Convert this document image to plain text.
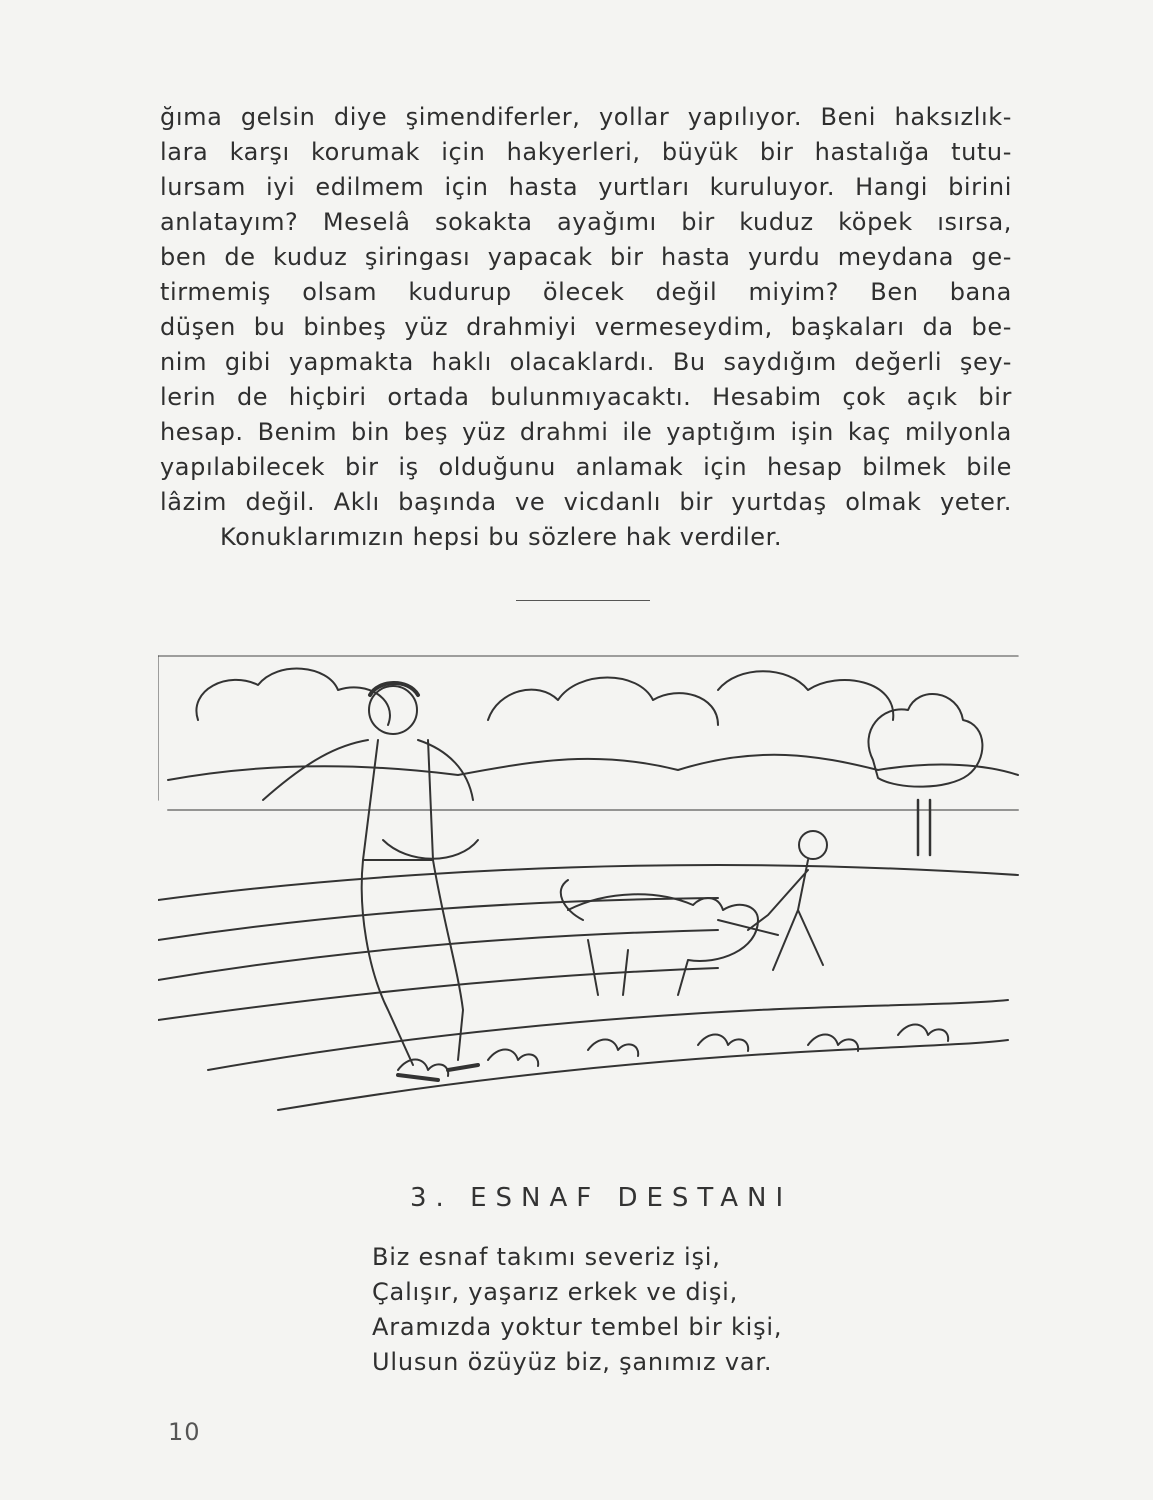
ğıma gelsin diye şimendiferler, yollar yapılıyor. Beni haksızlık-
lara karşı korumak için hakyerleri, büyük bir hastalığa tutu-
lursam iyi edilmem için hasta yurtları kuruluyor. Hangi birini
anlatayım? Meselâ sokakta ayağımı bir kuduz köpek ısırsa,
ben de kuduz şiringası yapacak bir hasta yurdu meydana ge-
tirmemiş olsam kudurup ölecek değil miyim? Ben bana
düşen bu binbeş yüz drahmiyi vermeseydim, başkaları da be-
nim gibi yapmakta haklı olacaklardı. Bu saydığım değerli şey-
lerin de hiçbiri ortada bulunmıyacaktı. Hesabim çok açık bir
hesap. Benim bin beş yüz drahmi ile yaptığım işin kaç milyonla
yapılabilecek bir iş olduğunu anlamak için hesap bilmek bile
lâzim değil. Aklı başında ve vicdanlı bir yurtdaş olmak yeter.
Konuklarımızın hepsi bu sözlere hak verdiler.
3. ESNAF DESTANI
Biz esnaf takımı severiz işi,
Çalışır, yaşarız erkek ve dişi,
Aramızda yoktur tembel bir kişi,
Ulusun özüyüz biz, şanımız var.
10
